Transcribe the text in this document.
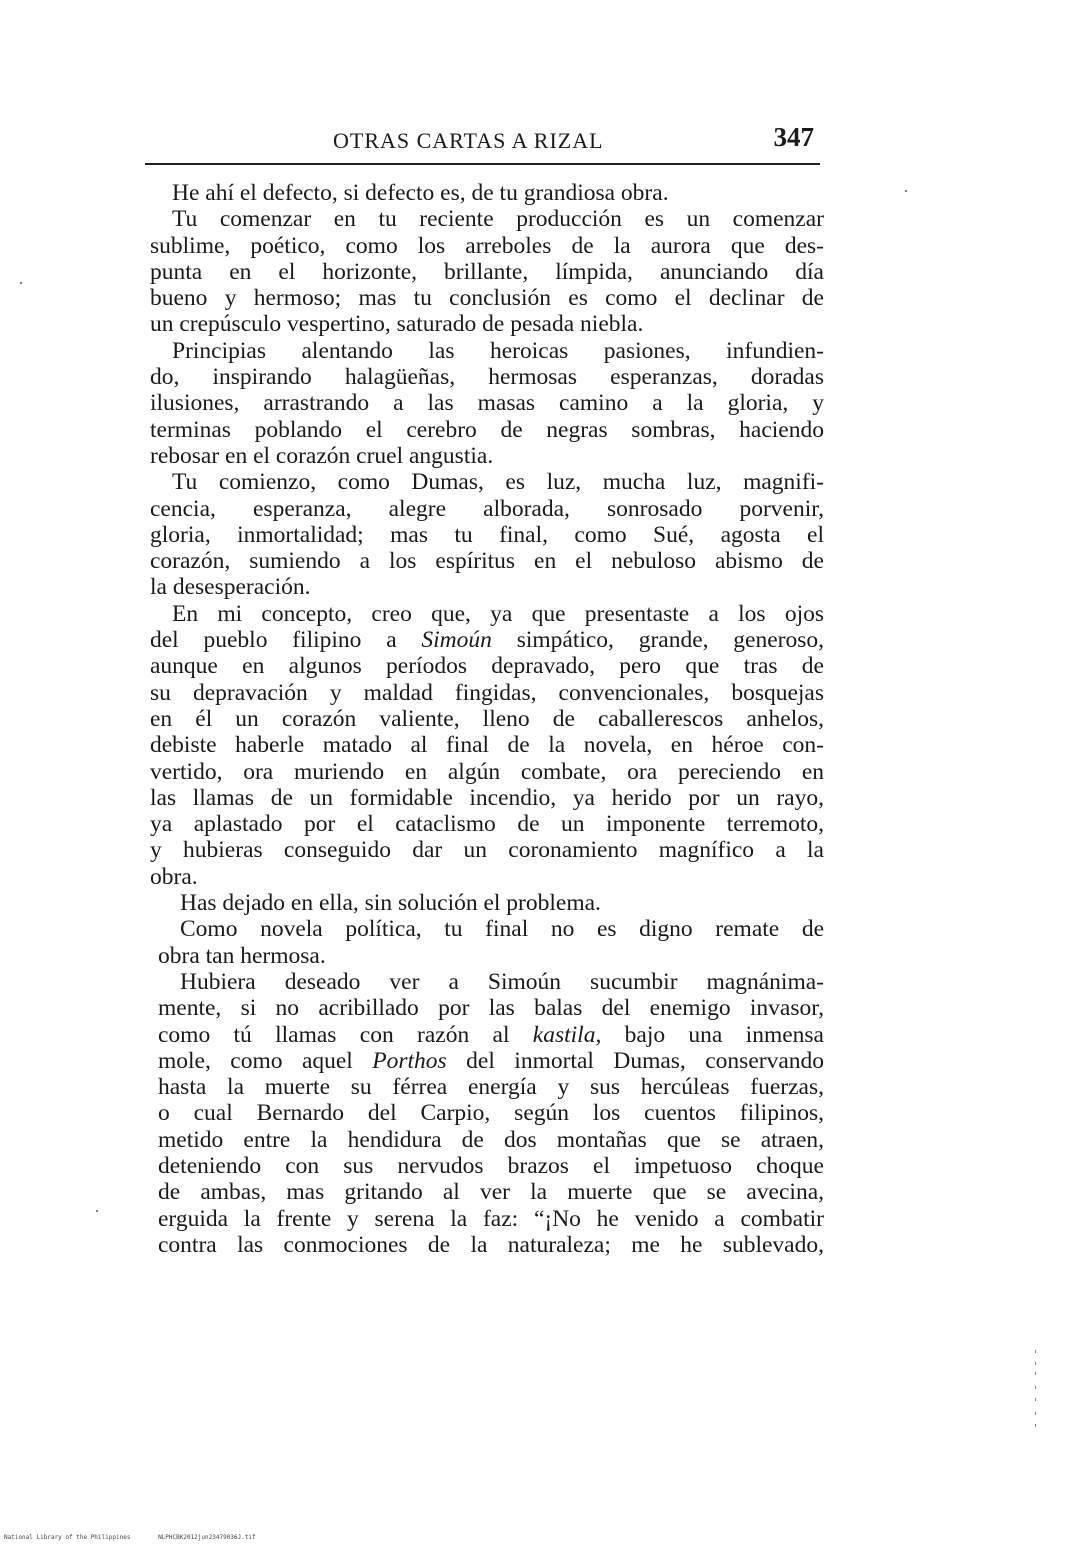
OTRAS CARTAS A RIZAL	347
He ahí el defecto, si defecto es, de tu grandiosa obra.
Tu comenzar en tu reciente producción es un comenzar
sublime, poético, como los arreboles de la aurora que des-
punta en el horizonte, brillante, límpida, anunciando día
bueno y hermoso; mas tu conclusión es como el declinar de
un crepúsculo vespertino, saturado de pesada niebla.
Principias alentando las heroicas pasiones, infundien-
do, inspirando halagüeñas, hermosas esperanzas, doradas
ilusiones, arrastrando a las masas camino a la gloria, y
terminas poblando el cerebro de negras sombras, haciendo
rebosar en el corazón cruel angustia.
Tu comienzo, como Dumas, es luz, mucha luz, magnifi-
cencia, esperanza, alegre alborada, sonrosado porvenir,
gloria, inmortalidad; mas tu final, como Sué, agosta el
corazón, sumiendo a los espíritus en el nebuloso abismo de
la desesperación.
En mi concepto, creo que, ya que presentaste a los ojos
del pueblo filipino a Simoún simpático, grande, generoso,
aunque en algunos períodos depravado, pero que tras de
su depravación y maldad fingidas, convencionales, bosquejas
en él un corazón valiente, lleno de caballerescos anhelos,
debiste haberle matado al final de la novela, en héroe con-
vertido, ora muriendo en algún combate, ora pereciendo en
las llamas de un formidable incendio, ya herido por un rayo,
ya aplastado por el cataclismo de un imponente terremoto,
y hubieras conseguido dar un coronamiento magnífico a la
obra.
Has dejado en ella, sin solución el problema.
Como novela política, tu final no es digno remate de
obra tan hermosa.
Hubiera deseado ver a Simoún sucumbir magnánima-
mente, si no acribillado por las balas del enemigo invasor,
como tú llamas con razón al kastila, bajo una inmensa
mole, como aquel Porthos del inmortal Dumas, conservando
hasta la muerte su férrea energía y sus hercúleas fuerzas,
o cual Bernardo del Carpio, según los cuentos filipinos,
metido entre la hendidura de dos montañas que se atraen,
deteniendo con sus nervudos brazos el impetuoso choque
de ambas, mas gritando al ver la muerte que se avecina,
erguida la frente y serena la faz: “¡No he venido a combatir
contra las conmociones de la naturaleza; me he sublevado,
National Library of the Philippines	NLPHCBK2012jun23479036J.tif
